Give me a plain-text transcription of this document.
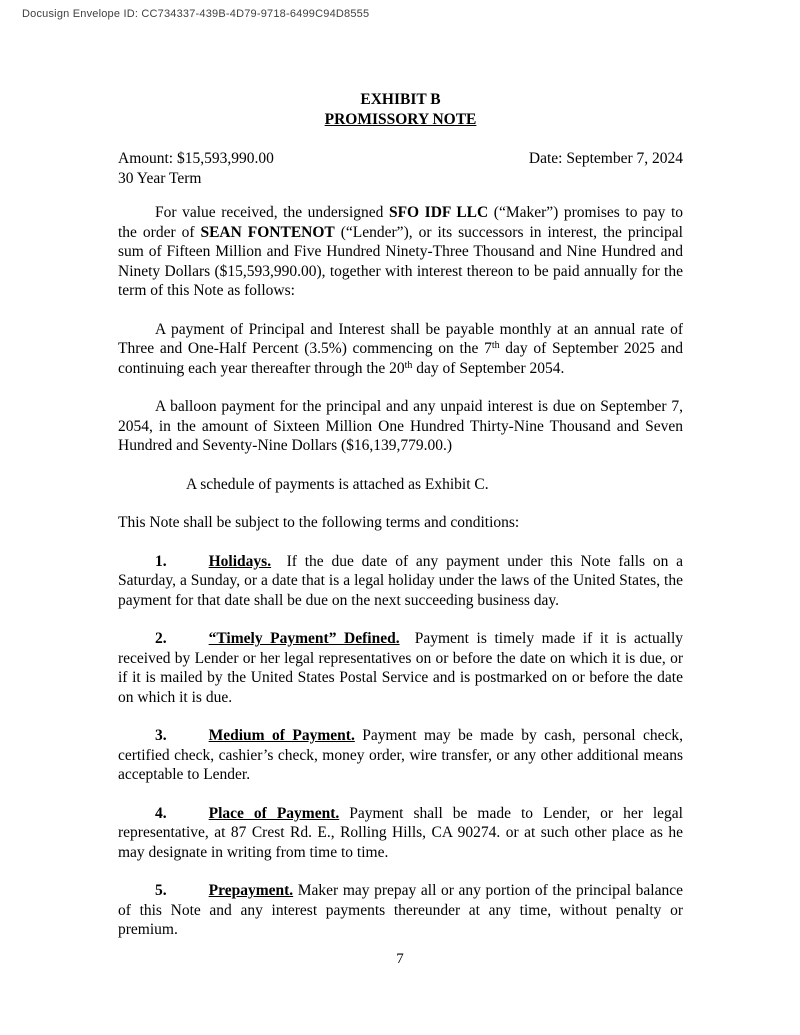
Docusign Envelope ID: CC734337-439B-4D79-9718-6499C94D8555
EXHIBIT B
PROMISSORY NOTE
Amount: $15,593,990.00	Date: September 7, 2024
30 Year Term

For value received, the undersigned SFO IDF LLC (“Maker”) promises to pay to the order of SEAN FONTENOT (“Lender”), or its successors in interest, the principal sum of Fifteen Million and Five Hundred Ninety-Three Thousand and Nine Hundred and Ninety Dollars ($15,593,990.00), together with interest thereon to be paid annually for the term of this Note as follows:

A payment of Principal and Interest shall be payable monthly at an annual rate of Three and One-Half Percent (3.5%) commencing on the 7th day of September 2025 and continuing each year thereafter through the 20th day of September 2054.

A balloon payment for the principal and any unpaid interest is due on September 7, 2054, in the amount of Sixteen Million One Hundred Thirty-Nine Thousand and Seven Hundred and Seventy-Nine Dollars ($16,139,779.00.)

A schedule of payments is attached as Exhibit C.

This Note shall be subject to the following terms and conditions:

1.	Holidays.  If the due date of any payment under this Note falls on a Saturday, a Sunday, or a date that is a legal holiday under the laws of the United States, the payment for that date shall be due on the next succeeding business day.

2.	“Timely Payment” Defined.  Payment is timely made if it is actually received by Lender or her legal representatives on or before the date on which it is due, or if it is mailed by the United States Postal Service and is postmarked on or before the date on which it is due.

3.	Medium of Payment. Payment may be made by cash, personal check, certified check, cashier’s check, money order, wire transfer, or any other additional means acceptable to Lender.

4.	Place of Payment. Payment shall be made to Lender, or her legal representative, at 87 Crest Rd. E., Rolling Hills, CA 90274. or at such other place as he may designate in writing from time to time.

5.	Prepayment. Maker may prepay all or any portion of the principal balance of this Note and any interest payments thereunder at any time, without penalty or premium.

7
